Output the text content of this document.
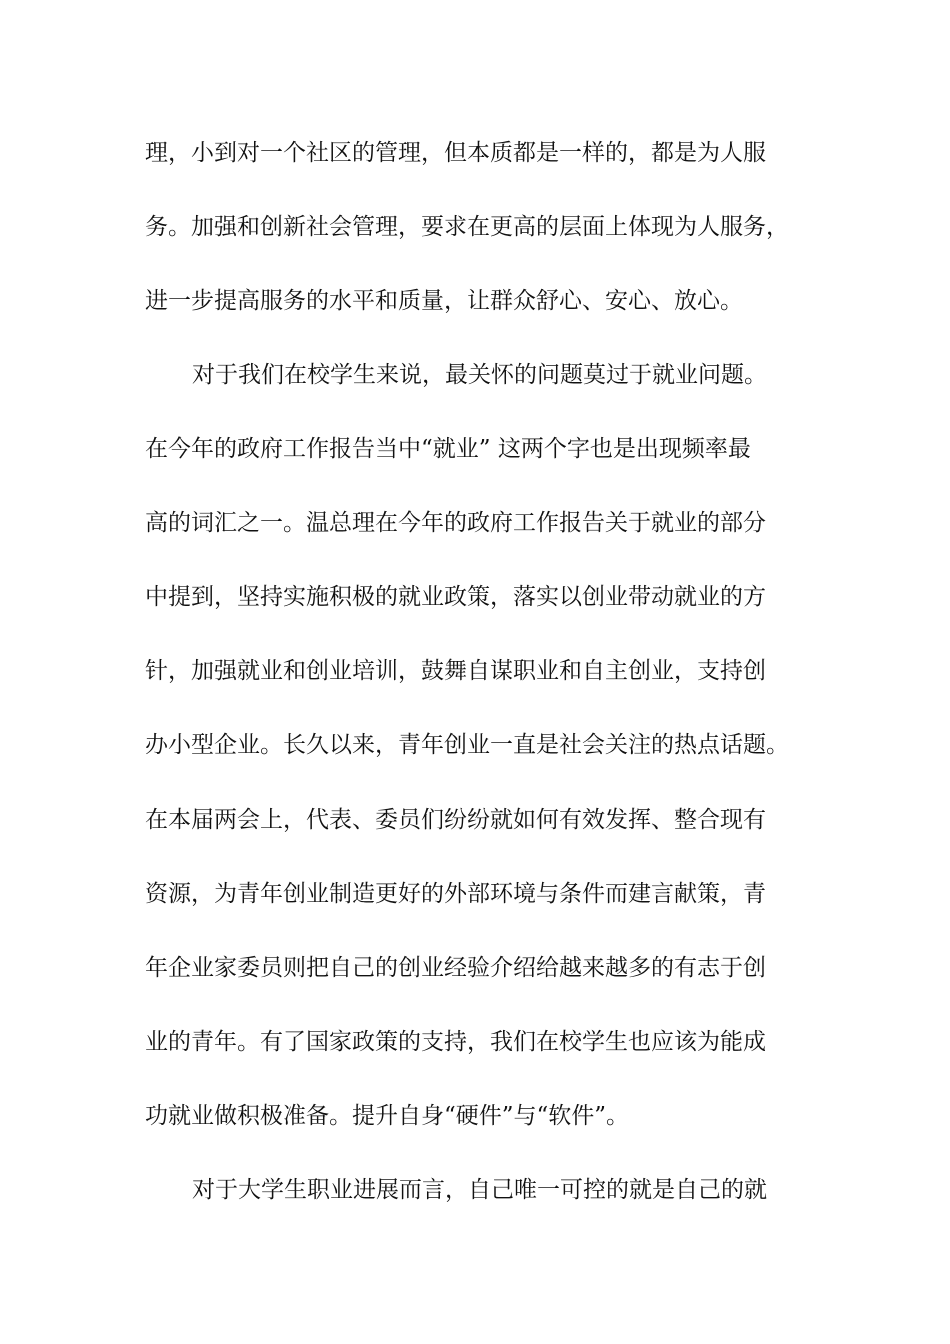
理，小到对一个社区的管理，但本质都是一样的，都是为人服
务。加强和创新社会管理，要求在更高的层面上体现为人服务，
进一步提高服务的水平和质量，让群众舒心、安心、放心。
对于我们在校学生来说，最关怀的问题莫过于就业问题。
在今年的政府工作报告当中“就业” 这两个字也是出现频率最
高的词汇之一。温总理在今年的政府工作报告关于就业的部分
中提到，坚持实施积极的就业政策，落实以创业带动就业的方
针，加强就业和创业培训，鼓舞自谋职业和自主创业，支持创
办小型企业。长久以来，青年创业一直是社会关注的热点话题。
在本届两会上，代表、委员们纷纷就如何有效发挥、整合现有
资源，为青年创业制造更好的外部环境与条件而建言献策，青
年企业家委员则把自己的创业经验介绍给越来越多的有志于创
业的青年。有了国家政策的支持，我们在校学生也应该为能成
功就业做积极准备。提升自身“硬件”与“软件”。
对于大学生职业进展而言，自己唯一可控的就是自己的就
